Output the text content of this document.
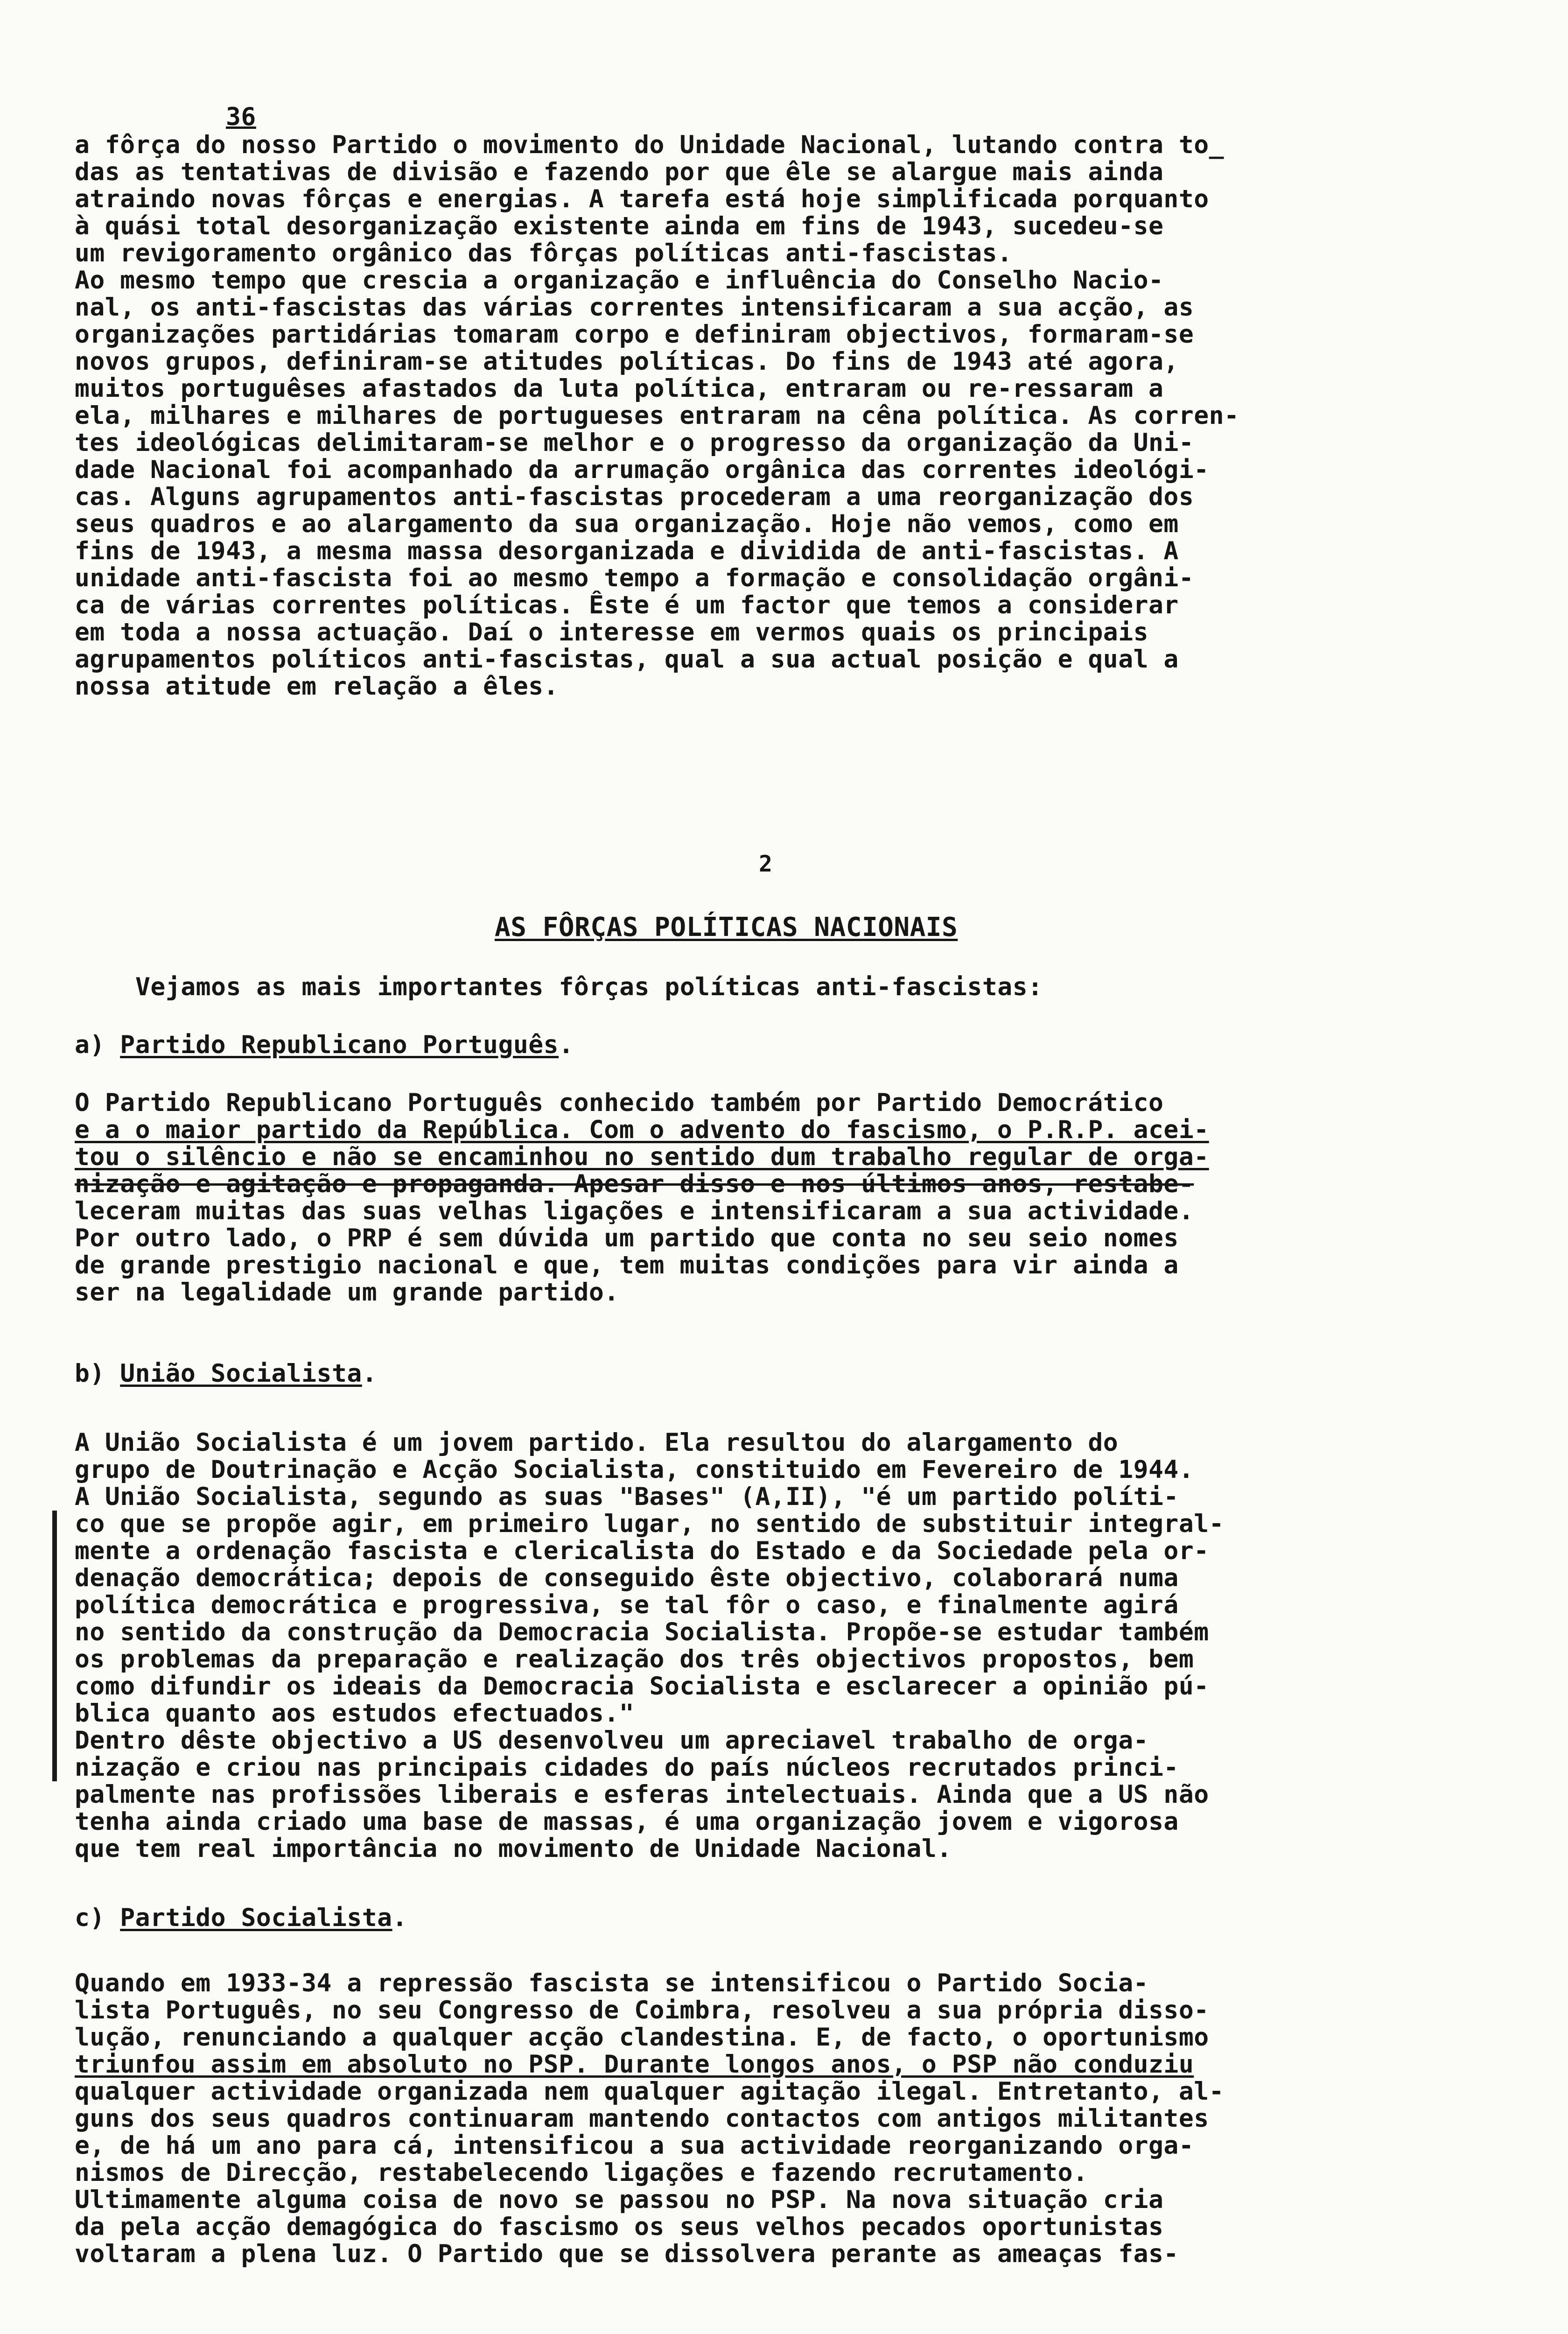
36
a fôrça do nosso Partido o movimento do Unidade Nacional, lutando contra to_
das as tentativas de divisão e fazendo por que êle se alargue mais ainda
atraindo novas fôrças e energias. A tarefa está hoje simplificada porquanto
à quási total desorganização existente ainda em fins de 1943, sucedeu-se
um revigoramento orgânico das fôrças políticas anti-fascistas.
Ao mesmo tempo que crescia a organização e influência do Conselho Nacio-
nal, os anti-fascistas das várias correntes intensificaram a sua acção, as
organizações partidárias tomaram corpo e definiram objectivos, formaram-se
novos grupos, definiram-se atitudes políticas. Do fins de 1943 até agora,
muitos portuguêses afastados da luta política, entraram ou re-ressaram a
ela, milhares e milhares de portugueses entraram na cêna política. As corren-
tes ideológicas delimitaram-se melhor e o progresso da organização da Uni-
dade Nacional foi acompanhado da arrumação orgânica das correntes ideológi-
cas. Alguns agrupamentos anti-fascistas procederam a uma reorganização dos
seus quadros e ao alargamento da sua organização. Hoje não vemos, como em
fins de 1943, a mesma massa desorganizada e dividida de anti-fascistas. A
unidade anti-fascista foi ao mesmo tempo a formação e consolidação orgâni-
ca de várias correntes políticas. Êste é um factor que temos a considerar
em toda a nossa actuação. Daí o interesse em vermos quais os principais
agrupamentos políticos anti-fascistas, qual a sua actual posição e qual a
nossa atitude em relação a êles.
2
AS FÔRÇAS POLÍTICAS NACIONAIS
Vejamos as mais importantes fôrças políticas anti-fascistas:
a) Partido Republicano Português.
O Partido Republicano Português conhecido também por Partido Democrático
e a o maior partido da República. Com o advento do fascismo, o P.R.P. acei-
tou o silêncio e não se encaminhou no sentido dum trabalho regular de orga-
nização e agitação e propaganda. Apesar disso e nos últimos anos, restabe-
leceram muitas das suas velhas ligações e intensificaram a sua actividade.
Por outro lado, o PRP é sem dúvida um partido que conta no seu seio nomes
de grande prestigio nacional e que, tem muitas condições para vir ainda a
ser na legalidade um grande partido.
b) União Socialista.
A União Socialista é um jovem partido. Ela resultou do alargamento do
grupo de Doutrinação e Acção Socialista, constituido em Fevereiro de 1944.
A União Socialista, segundo as suas "Bases" (A,II), "é um partido políti-
co que se propõe agir, em primeiro lugar, no sentido de substituir integral-
mente a ordenação fascista e clericalista do Estado e da Sociedade pela or-
denação democrática; depois de conseguido êste objectivo, colaborará numa
política democrática e progressiva, se tal fôr o caso, e finalmente agirá
no sentido da construção da Democracia Socialista. Propõe-se estudar também
os problemas da preparação e realização dos três objectivos propostos, bem
como difundir os ideais da Democracia Socialista e esclarecer a opinião pú-
blica quanto aos estudos efectuados."
Dentro dêste objectivo a US desenvolveu um apreciavel trabalho de orga-
nização e criou nas principais cidades do país núcleos recrutados princi-
palmente nas profissões liberais e esferas intelectuais. Ainda que a US não
tenha ainda criado uma base de massas, é uma organização jovem e vigorosa
que tem real importância no movimento de Unidade Nacional.
c) Partido Socialista.
Quando em 1933-34 a repressão fascista se intensificou o Partido Socia-
lista Português, no seu Congresso de Coimbra, resolveu a sua própria disso-
lução, renunciando a qualquer acção clandestina. E, de facto, o oportunismo
triunfou assim em absoluto no PSP. Durante longos anos, o PSP não conduziu
qualquer actividade organizada nem qualquer agitação ilegal. Entretanto, al-
guns dos seus quadros continuaram mantendo contactos com antigos militantes
e, de há um ano para cá, intensificou a sua actividade reorganizando orga-
nismos de Direcção, restabelecendo ligações e fazendo recrutamento.
Ultimamente alguma coisa de novo se passou no PSP. Na nova situação cria
da pela acção demagógica do fascismo os seus velhos pecados oportunistas
voltaram a plena luz. O Partido que se dissolvera perante as ameaças fas-
